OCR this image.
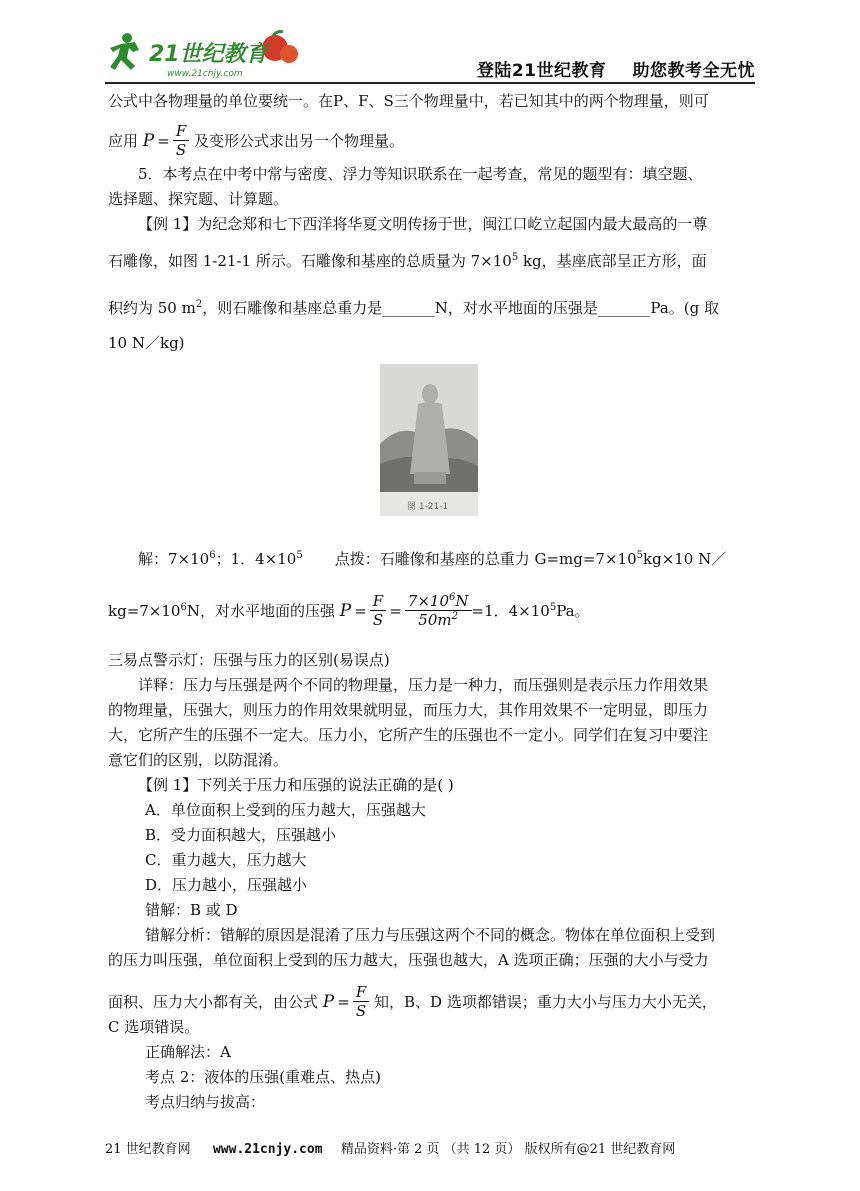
21世纪教育
www.21cnjy.com	登陆21世纪教育 助您教考全无忧
公式中各物理量的单位要统一。在P、F、S三个物理量中，若已知其中的两个物理量，则可
应用 $P = \frac{F}{S}$ 及变形公式求出另一个物理量。
5．本考点在中考中常与密度、浮力等知识联系在一起考查，常见的题型有：填空题、
选择题、探究题、计算题。
【例 1】为纪念郑和七下西洋将华夏文明传扬于世，闽江口屹立起国内最大最高的一尊
石雕像，如图 1-21-1 所示。石雕像和基座的总质量为 $7\times 10^5$ kg，基座底部呈正方形，面
积约为 50 $m^2$，则石雕像和基座总重力是_______N，对水平地面的压强是_______Pa。(g 取
10 N／kg)
图 1-21-1
解：$7\times 10^6$；1．$4\times 10^5$ 点拨：石雕像和基座的总重力 $G=mg=7\times 10^5kg\times 10$ N／
$kg=7\times 10^6N$，对水平地面的压强 $P = \frac{F}{S} = \frac{7\times 10^6N}{50m^2} =1$．$4\times 10^5Pa$。
三易点警示灯：压强与压力的区别(易误点)
详释：压力与压强是两个不同的物理量，压力是一种力，而压强则是表示压力作用效果
的物理量，压强大，则压力的作用效果就明显，而压力大，其作用效果不一定明显，即压力
大，它所产生的压强不一定大。压力小，它所产生的压强也不一定小。同学们在复习中要注
意它们的区别，以防混淆。
【例 1】下列关于压力和压强的说法正确的是( )
A．单位面积上受到的压力越大，压强越大
B．受力面积越大，压强越小
C．重力越大，压力越大
D．压力越小，压强越小
错解：B 或 D
错解分析：错解的原因是混淆了压力与压强这两个不同的概念。物体在单位面积上受到
的压力叫压强，单位面积上受到的压力越大，压强也越大，A 选项正确；压强的大小与受力
面积、压力大小都有关，由公式 $P = \frac{F}{S}$ 知，B、D 选项都错误；重力大小与压力大小无关，
C 选项错误。
正确解法：A
考点 2：液体的压强(重难点、热点)
考点归纳与拔高：
21 世纪教育网 www.21cnjy.com 精品资料·第 2 页 （共 12 页） 版权所有@21 世纪教育网
